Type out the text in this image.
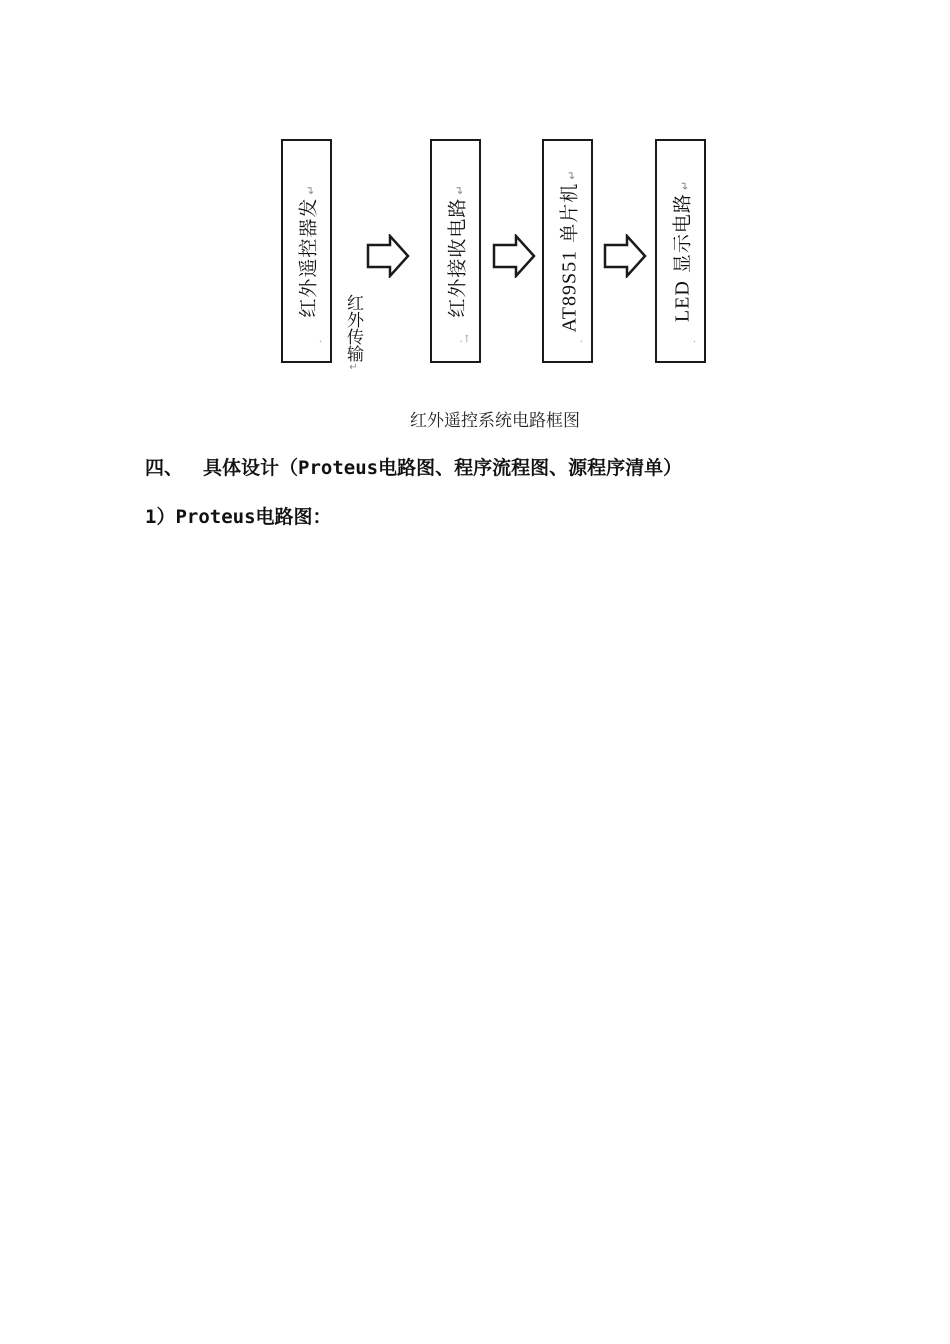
红外遥控器发↵
.	红外传输↵
红外接收电路↵
.↑
AT89S51 单片机↵
.
LED 显示电路↵
.
红外遥控系统电路框图
四、 具体设计（Proteus电路图、程序流程图、源程序清单）
1）Proteus电路图：
